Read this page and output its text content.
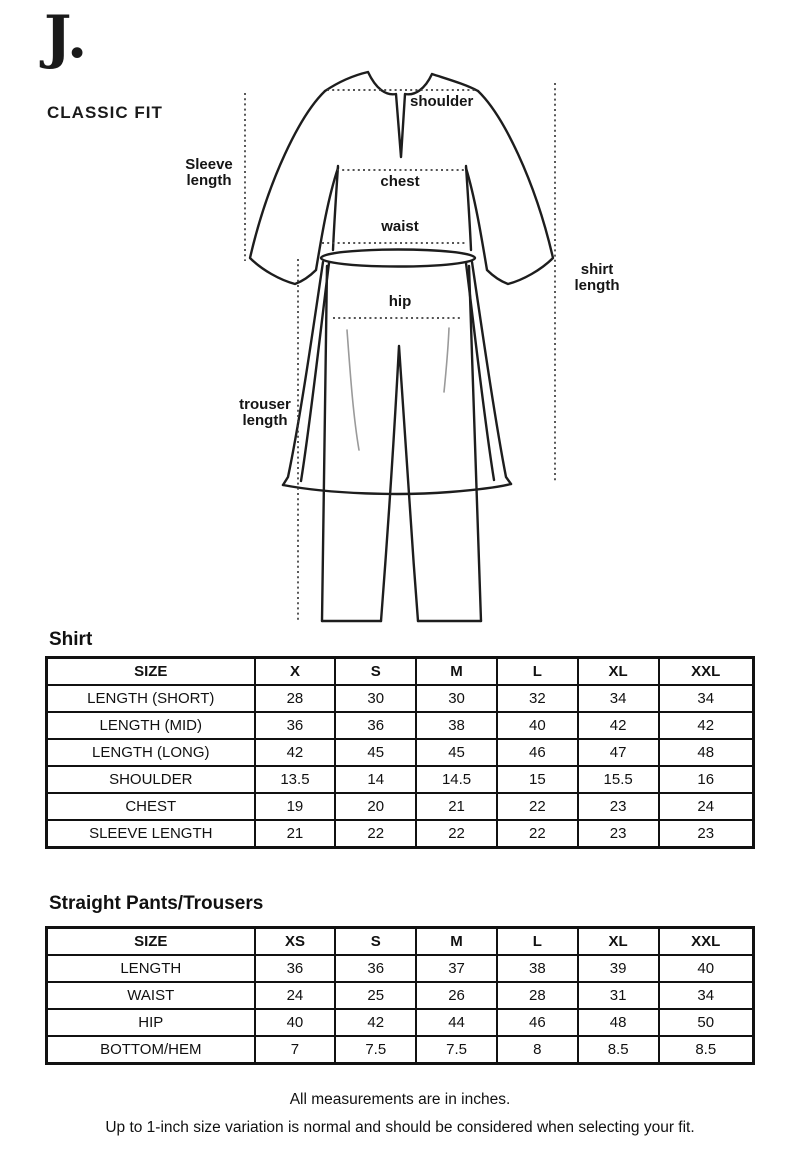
J.
CLASSIC FIT
shoulder
chest
waist
hip
Sleeve length
shirt length
trouser length
Shirt
SIZE	X	S	M	L	XL	XXL
LENGTH (SHORT)	28	30	30	32	34	34
LENGTH (MID)	36	36	38	40	42	42
LENGTH (LONG)	42	45	45	46	47	48
SHOULDER	13.5	14	14.5	15	15.5	16
CHEST	19	20	21	22	23	24
SLEEVE LENGTH	21	22	22	22	23	23
Straight Pants/Trousers
SIZE	XS	S	M	L	XL	XXL
LENGTH	36	36	37	38	39	40
WAIST	24	25	26	28	31	34
HIP	40	42	44	46	48	50
BOTTOM/HEM	7	7.5	7.5	8	8.5	8.5
All measurements are in inches.
Up to 1-inch size variation is normal and should be considered when selecting your fit.
